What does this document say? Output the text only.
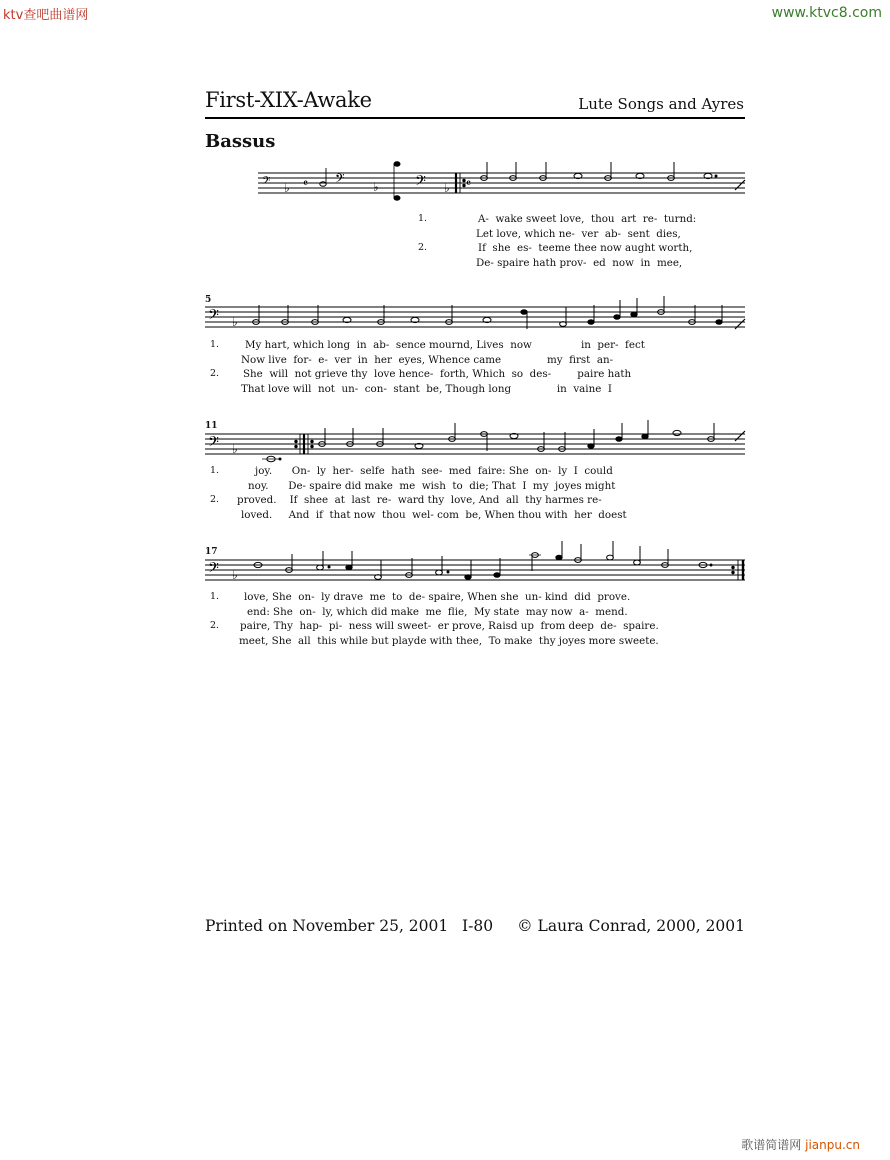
ktv查吧曲谱网	www.ktvc8.com
歌谱简谱网 jianpu.cn
First-XIX-Awake	Lute Songs and Ayres
Bassus
𝄢 ♭ 𝄴 𝄢 ♭ 𝄢 ♭ 𝄴
𝄢 ♭
𝄢 ♭
𝄢 ♭
5
11
17
1.
2.
A-  wake sweet love,  thou  art  re-  turnd:
Let love, which ne-  ver  ab-  sent  dies,
If  she  es-  teeme thee now aught worth,
De- spaire hath prov-  ed  now  in  mee,
1.
2.
My hart, which long  in  ab-  sence mournd, Lives  now               in  per-  fect
Now live  for-  e-  ver  in  her  eyes, Whence came              my  first  an-
She  will  not grieve thy  love hence-  forth, Which  so  des-        paire hath
That love will  not  un-  con-  stant  be, Though long              in  vaine  I
1.
2.
joy.      On-  ly  her-  selfe  hath  see-  med  faire: She  on-  ly  I  could
noy.      De- spaire did make  me  wish  to  die; That  I  my  joyes might
proved.    If  shee  at  last  re-  ward thy  love, And  all  thy harmes re-
loved.     And  if  that now  thou  wel- com  be, When thou with  her  doest
1.
2.
love, She  on-  ly drave  me  to  de- spaire, When she  un- kind  did  prove.
end: She  on-  ly, which did make  me  flie,  My state  may now  a-  mend.
paire, Thy  hap-  pi-  ness will sweet-  er prove, Raisd up  from deep  de-  spaire.
meet, She  all  this while but playde with thee,  To make  thy joyes more sweete.
Printed on November 25, 2001 I-80 © Laura Conrad, 2000, 2001
